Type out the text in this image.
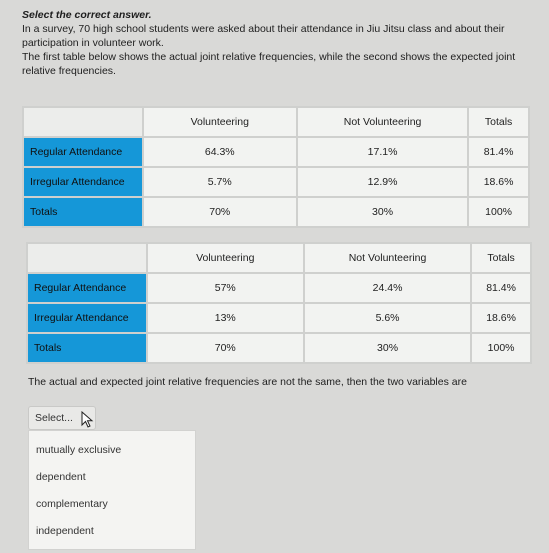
Select the correct answer.

In a survey, 70 high school students were asked about their attendance in Jiu Jitsu class and about their participation in volunteer work.

The first table below shows the actual joint relative frequencies, while the second shows the expected joint relative frequencies.

	Volunteering	Not Volunteering	Totals
Regular Attendance	64.3%	17.1%	81.4%
Irregular Attendance	5.7%	12.9%	18.6%
Totals	70%	30%	100%
	Volunteering	Not Volunteering	Totals
Regular Attendance	57%	24.4%	81.4%
Irregular Attendance	13%	5.6%	18.6%
Totals	70%	30%	100%
The actual and expected joint relative frequencies are not the same, then the two variables are
Select...
mutually exclusive
dependent
complementary
independent
